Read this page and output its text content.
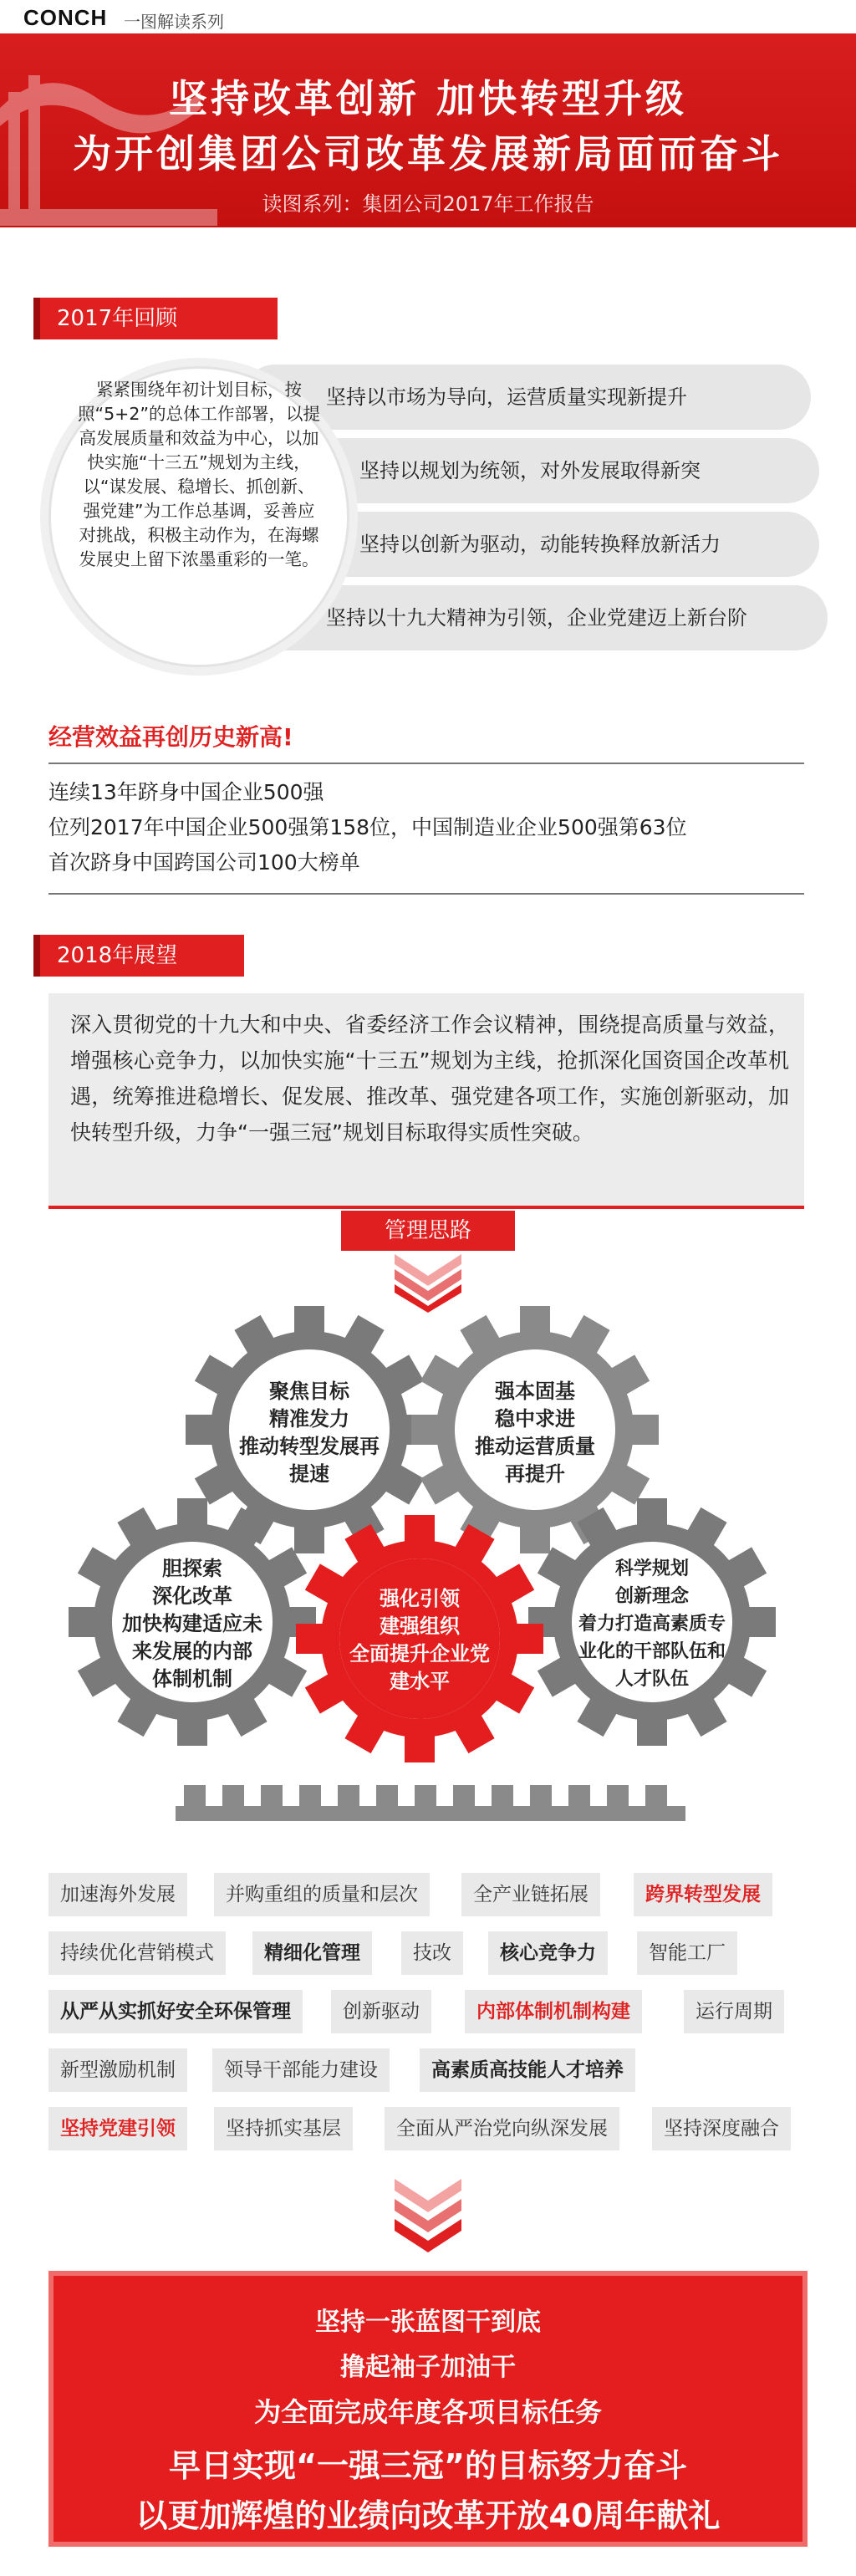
CONCH 一图解读系列
坚持改革创新 加快转型升级
为开创集团公司改革发展新局面而奋斗
读图系列：集团公司2017年工作报告
2017年回顾
坚持以市场为导向，运营质量实现新提升
坚持以规划为统领，对外发展取得新突
坚持以创新为驱动，动能转换释放新活力
坚持以十九大精神为引领，企业党建迈上新台阶
紧紧围绕年初计划目标，按照“5+2”的总体工作部署，以提高发展质量和效益为中心，以加快实施“十三五”规划为主线，以“谋发展、稳增长、抓创新、强党建”为工作总基调，妥善应对挑战，积极主动作为，在海螺发展史上留下浓墨重彩的一笔。
经营效益再创历史新高!
连续13年跻身中国企业500强
位列2017年中国企业500强第158位，中国制造业企业500强第63位
首次跻身中国跨国公司100大榜单
2018年展望
深入贯彻党的十九大和中央、省委经济工作会议精神，围绕提高质量与效益，增强核心竞争力，以加快实施“十三五”规划为主线，抢抓深化国资国企改革机遇，统筹推进稳增长、促发展、推改革、强党建各项工作，实施创新驱动，加快转型升级，力争“一强三冠”规划目标取得实质性突破。
管理思路
聚焦目标
精准发力
推动转型发展再
提速
强本固基
稳中求进
推动运营质量
再提升
胆探索
深化改革
加快构建适应未
来发展的内部
体制机制
强化引领
建强组织
全面提升企业党
建水平
科学规划
创新理念
着力打造高素质专
业化的干部队伍和
人才队伍
加速海外发展	并购重组的质量和层次	全产业链拓展	跨界转型发展
持续优化营销模式	精细化管理	技改	核心竞争力	智能工厂
从严从实抓好安全环保管理	创新驱动	内部体制机制构建	运行周期
新型激励机制	领导干部能力建设	高素质高技能人才培养
坚持党建引领	坚持抓实基层	全面从严治党向纵深发展	坚持深度融合
坚持一张蓝图干到底
撸起袖子加油干
为全面完成年度各项目标任务
早日实现“一强三冠”的目标努力奋斗
以更加辉煌的业绩向改革开放40周年献礼
